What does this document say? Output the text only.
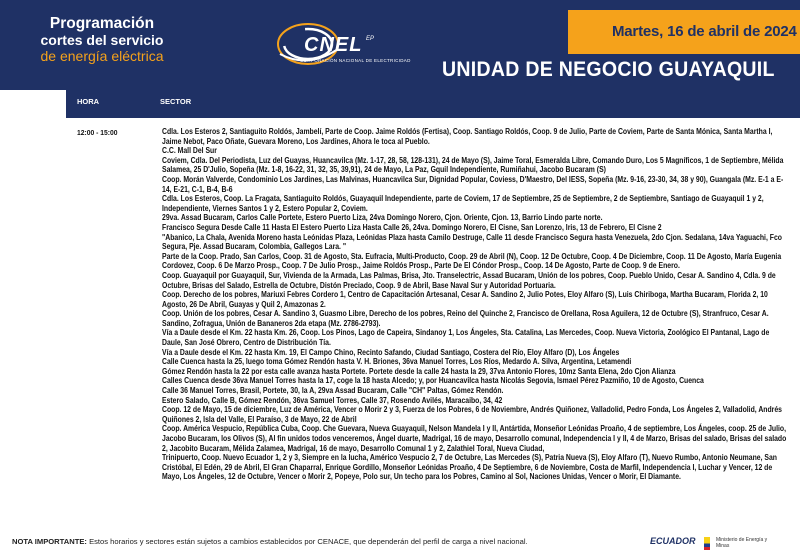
Programación
cortes del servicio
de energía eléctrica	CNEL EP
CORPORACIÓN NACIONAL DE ELECTRICIDAD
Martes, 16 de abril de 2024
UNIDAD DE NEGOCIO GUAYAQUIL
HORA	SECTOR
12:00 - 15:00	Cdla. Los Esteros 2, Santiaguito Roldós, Jambelí, Parte de Coop. Jaime Roldós (Fertisa), Coop. Santiago Roldós, Coop. 9 de Julio, Parte de Coviem, Parte de Santa Mónica, Santa Martha I, Jaime Nebot, Paco Oñate, Guevara Moreno, Los Jardines, Ahora le toca al Pueblo.

C.C. Mall Del Sur

Coviem, Cdla. Del Periodista, Luz del Guayas, Huancavilca (Mz. 1-17, 28, 58, 128-131), 24 de Mayo (S), Jaime Toral, Esmeralda Libre, Comando Duro, Los 5 Magníficos, 1 de Septiembre, Mélida Salamea, 25 D'Julio, Sopeña (Mz. 1-8, 16-22, 31, 32, 35, 39,91), 24 de Mayo, La Paz, Gquil Independiente, Rumiñahui, Jacobo Bucaram (S)

Coop. Morán Valverde, Condominio Los Jardines, Las Malvinas, Huancavilca Sur, Dignidad Popular, Coviess, D'Maestro, Del IESS, Sopeña (Mz. 9-16, 23-30, 34, 38 y 90), Guangala (Mz. E-1 a E-14, E-21, C-1, B-4, B-6

Cdla. Los Esteros, Coop. La Fragata, Santiaguito Roldós, Guayaquil Independiente, parte de Coviem, 17 de Septiembre, 25 de Septiembre, 2 de Septiembre, Santiago de Guayaquil 1 y 2, Independiente, Viernes Santos 1 y 2, Estero Popular 2, Coviem.

29va. Assad Bucaram, Carlos Calle Portete, Estero Puerto Liza, 24va Domingo Norero, Cjon. Oriente, Cjon. 13, Barrio Lindo parte norte.

Francisco Segura Desde Calle 11 Hasta El Estero Puerto Liza Hasta Calle 26, 24va. Domingo Norero, El Cisne, San Lorenzo, Iris, 13 de Febrero, El Cisne 2

"Abanico, La Chala, Avenida Moreno hasta Leónidas Plaza, Leónidas Plaza hasta Camilo Destruge, Calle 11 desde Francisco Segura hasta Venezuela, 2do Cjon. Sedalana, 14va Yaguachi, Fco Segura, Pje. Assad Bucaram, Colombia, Gallegos Lara. "

Parte de la Coop. Prado, San Carlos, Coop. 31 de Agosto, Sta. Eufracia, Multi-Producto, Coop. 29 de Abril (N), Coop. 12 De Octubre, Coop. 4 De Diciembre, Coop. 11 De Agosto, María Eugenia Cordovez, Coop. 6 De Marzo Prosp., Coop. 7 De Julio Prosp., Jaime Roldós Prosp., Parte De El Cóndor Prosp., Coop. 14 De Agosto, Parte de Coop. 9 de Enero.

Coop. Guayaquil por Guayaquil, Sur, Vivienda de la Armada, Las Palmas, Brisa, Jto. Transelectric, Assad Bucaram, Unión de los pobres, Coop. Pueblo Unido, Cesar A. Sandino 4, Cdla. 9 de Octubre, Brisas del Salado, Estrella de Octubre, Distón Preciado, Coop. 9 de Abril, Base Naval Sur y Autoridad Portuaria.

Coop. Derecho de los pobres, Mariuxi Febres Cordero 1, Centro de Capacitación Artesanal, Cesar A. Sandino 2, Julio Potes, Eloy Alfaro (S), Luis Chiriboga, Martha Bucaram, Florida 2, 10 Agosto, 26 De Abril, Guayas y Quil 2, Amazonas 2.

Coop. Unión de los pobres, Cesar A. Sandino 3, Guasmo Libre, Derecho de los pobres, Reino del Quinche 2, Francisco de Orellana, Rosa Aguilera, 12 de Octubre (S), Stranfruco, Cesar A. Sandino, Zofragua, Unión de Bananeros 2da etapa (Mz. 2786-2793).

Vía a Daule desde el Km. 22 hasta Km. 26, Coop. Los Pinos, Lago de Capeira, Sindanoy 1, Los Ángeles, Sta. Catalina, Las Mercedes, Coop. Nueva Victoria, Zoológico El Pantanal, Lago de Daule, San José Obrero, Centro de Distribución Tía.

Vía a Daule desde el Km. 22 hasta Km. 19, El Campo Chino, Recinto Safando, Ciudad Santiago, Costera del Río, Eloy Alfaro (D), Los Ángeles

Calle Cuenca hasta la 25, luego toma Gómez Rendón hasta V. H. Briones, 36va Manuel Torres, Los Ríos, Medardo A. Silva, Argentina, Letamendi

Gómez Rendón hasta la 22 por esta calle avanza hasta Portete. Portete desde la calle 24 hasta la 29, 37va Antonio Flores, 10mz Santa Elena, 2do Cjon Alianza

Calles Cuenca desde 36va Manuel Torres hasta la 17, coge la 18 hasta Alcedo; y, por Huancavilca hasta Nicolás Segovia, Ismael Pérez Pazmiño, 10 de Agosto, Cuenca

Calle 36 Manuel Torres, Brasil, Portete, 30, la A, 29va Assad Bucaram, Calle "CH" Paltas, Gómez Rendón.

Estero Salado, Calle B, Gómez Rendón, 36va Samuel Torres, Calle 37, Rosendo Avilés, Maracaibo, 34, 42

Coop. 12 de Mayo, 15 de diciembre, Luz de América, Vencer o Morir 2 y 3, Fuerza de los Pobres, 6 de Noviembre, Andrés Quiñonez, Valladolid, Pedro Fonda, Los Ángeles 2, Valladolid, Andrés Quiñones 2, Isla del Valle, El Paraíso, 3 de Mayo, 22 de Abril

Coop. América Vespucio, República Cuba, Coop. Che Guevara, Nueva Guayaquil, Nelson Mandela I y II, Antártida, Monseñor Leónidas Proaño, 4 de septiembre, Los Ángeles, coop. 25 de Julio, Jacobo Bucaram, los Olivos (S), Al fin unidos todos venceremos, Ángel duarte, Madrigal, 16 de mayo, Desarrollo comunal, Independencia I y II, 4 de Marzo, Brisas del salado, Brisas del salado 2, Jacobito Bucaram, Mélida Zalamea, Madrigal, 16 de mayo, Desarrollo Comunal 1 y 2, Zalathiel Toral, Nueva Ciudad,

Trinipuerto, Coop. Nuevo Ecuador 1, 2 y 3, Siempre en la lucha, Américo Vespucio 2, 7 de Octubre, Las Mercedes (S), Patria Nueva (S), Eloy Alfaro (T), Nuevo Rumbo, Antonio Neumane, San Cristóbal, El Edén, 29 de Abril, El Gran Chaparral, Enrique Gordillo, Monseñor Leónidas Proaño, 4 De Septiembre, 6 de Noviembre, Costa de Marfil, Independencia I, Luchar y Vencer, 12 de Mayo, Los Ángeles, 12 de Octubre, Vencer o Morir 2, Popeye, Polo sur, Un techo para los Pobres, Camino al Sol, Naciones Unidas, Vencer o Morir, El Diamante.

NOTA IMPORTANTE: Estos horarios y sectores están sujetos a cambios establecidos por CENACE, que dependerán del perfil de carga a nivel nacional.	ECUADOR	Ministerio de Energía y Minas
